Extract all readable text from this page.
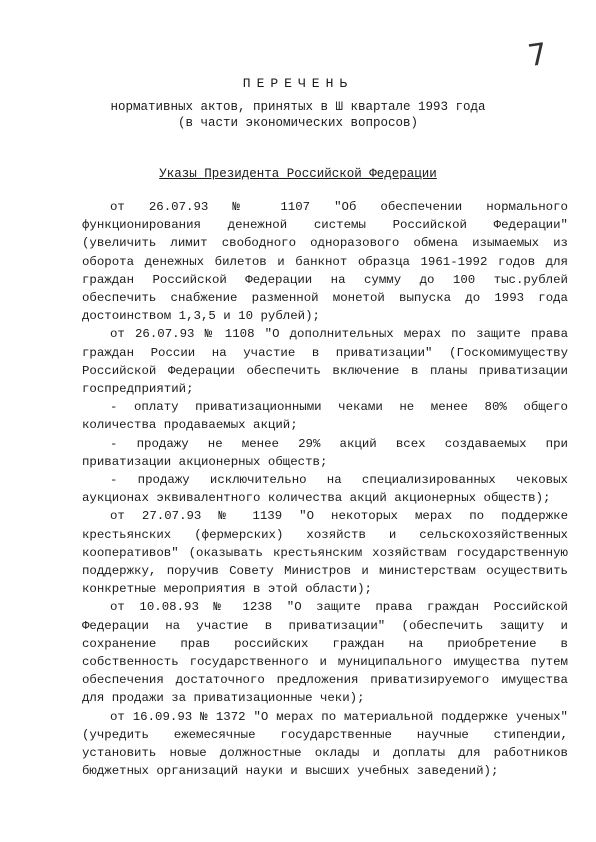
7
ПЕРЕЧЕНЬ
нормативных актов, принятых в Ш квартале 1993 года
(в части экономических вопросов)
Указы Президента Российской Федерации

от 26.07.93 № 1107 "Об обеспечении нормального функционирования денежной системы Российской Федерации" (увеличить лимит свободного одноразового обмена изымаемых из оборота денежных билетов и банкнот образца 1961-1992 годов для граждан Российской Федерации на сумму до 100 тыс.рублей обеспечить снабжение разменной монетой выпуска до 1993 года достоинством 1,3,5 и 10 рублей);

от 26.07.93 № 1108 "О дополнительных мерах по защите права граждан России на участие в приватизации" (Госкомимуществу Российской Федерации обеспечить включение в планы приватизации госпредприятий;

- оплату приватизационными чеками не менее 80% общего количества продаваемых акций;

- продажу не менее 29% акций всех создаваемых при приватизации акционерных обществ;

- продажу исключительно на специализированных чековых аукционах эквивалентного количества акций акционерных обществ);

от 27.07.93 № 1139 "О некоторых мерах по поддержке крестьянских (фермерских) хозяйств и сельскохозяйственных кооперативов" (оказывать крестьянским хозяйствам государственную поддержку, поручив Совету Министров и министерствам осуществить конкретные мероприятия в этой области);

от 10.08.93 № 1238 "О защите права граждан Российской Федерации на участие в приватизации" (обеспечить защиту и сохранение прав российских граждан на приобретение в собственность государственного и муниципального имущества путем обеспечения достаточного предложения приватизируемого имущества для продажи за приватизационные чеки);

от 16.09.93 № 1372 "О мерах по материальной поддержке ученых" (учредить ежемесячные государственные научные стипендии, установить новые должностные оклады и доплаты для работников бюджетных организаций науки и высших учебных заведений);
